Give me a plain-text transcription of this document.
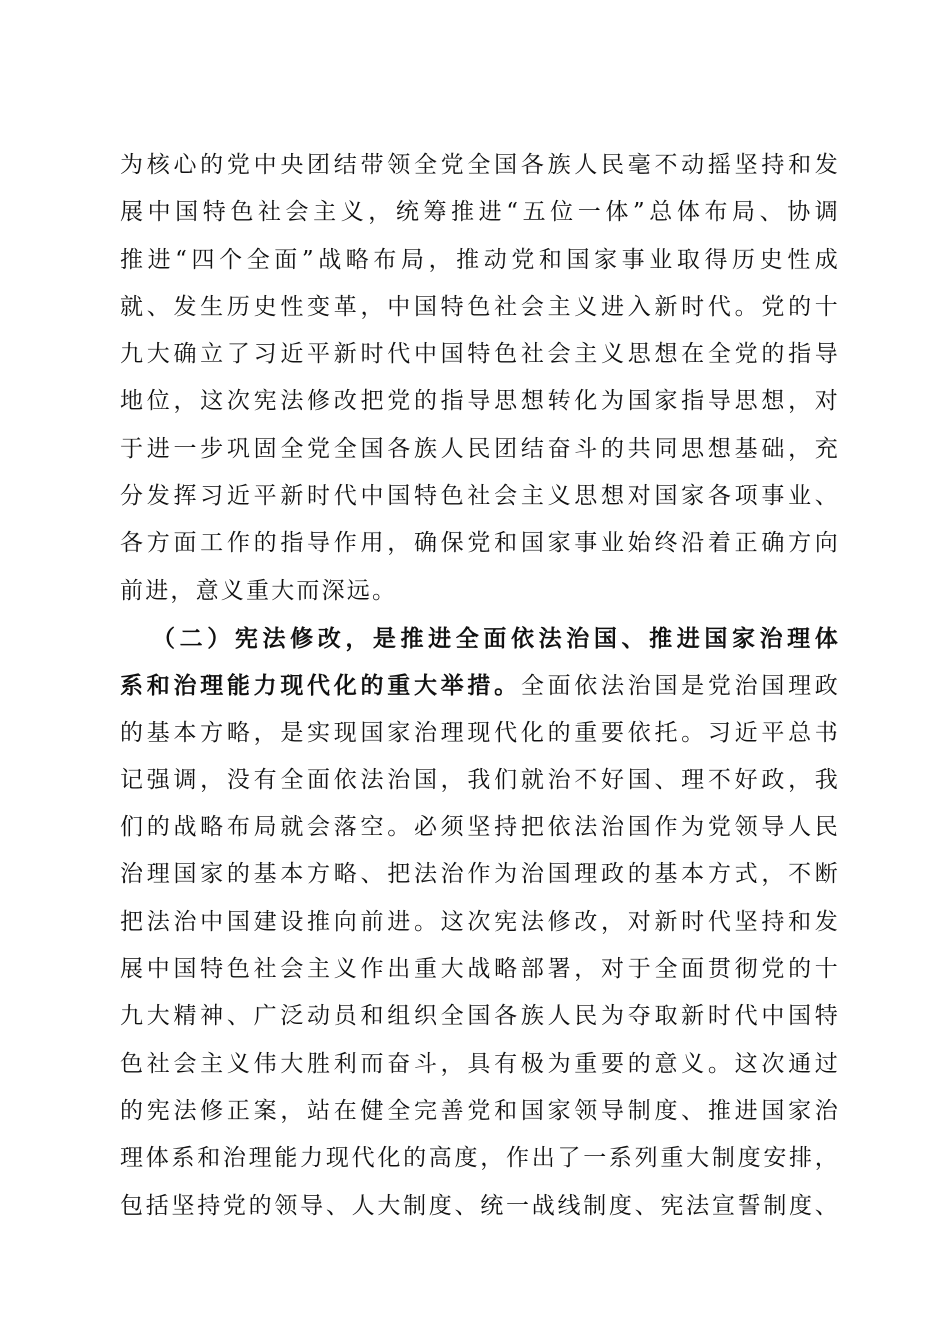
为核心的党中央团结带领全党全国各族人民毫不动摇坚持和发
展中国特色社会主义，统筹推进“五位一体”总体布局、协调
推进“四个全面”战略布局，推动党和国家事业取得历史性成
就、发生历史性变革，中国特色社会主义进入新时代。党的十
九大确立了习近平新时代中国特色社会主义思想在全党的指导
地位，这次宪法修改把党的指导思想转化为国家指导思想，对
于进一步巩固全党全国各族人民团结奋斗的共同思想基础，充
分发挥习近平新时代中国特色社会主义思想对国家各项事业、
各方面工作的指导作用，确保党和国家事业始终沿着正确方向
前进，意义重大而深远。
（二）宪法修改，是推进全面依法治国、推进国家治理体
系和治理能力现代化的重大举措。全面依法治国是党治国理政
的基本方略，是实现国家治理现代化的重要依托。习近平总书
记强调，没有全面依法治国，我们就治不好国、理不好政，我
们的战略布局就会落空。必须坚持把依法治国作为党领导人民
治理国家的基本方略、把法治作为治国理政的基本方式，不断
把法治中国建设推向前进。这次宪法修改，对新时代坚持和发
展中国特色社会主义作出重大战略部署，对于全面贯彻党的十
九大精神、广泛动员和组织全国各族人民为夺取新时代中国特
色社会主义伟大胜利而奋斗，具有极为重要的意义。这次通过
的宪法修正案，站在健全完善党和国家领导制度、推进国家治
理体系和治理能力现代化的高度，作出了一系列重大制度安排，
包括坚持党的领导、人大制度、统一战线制度、宪法宣誓制度、
